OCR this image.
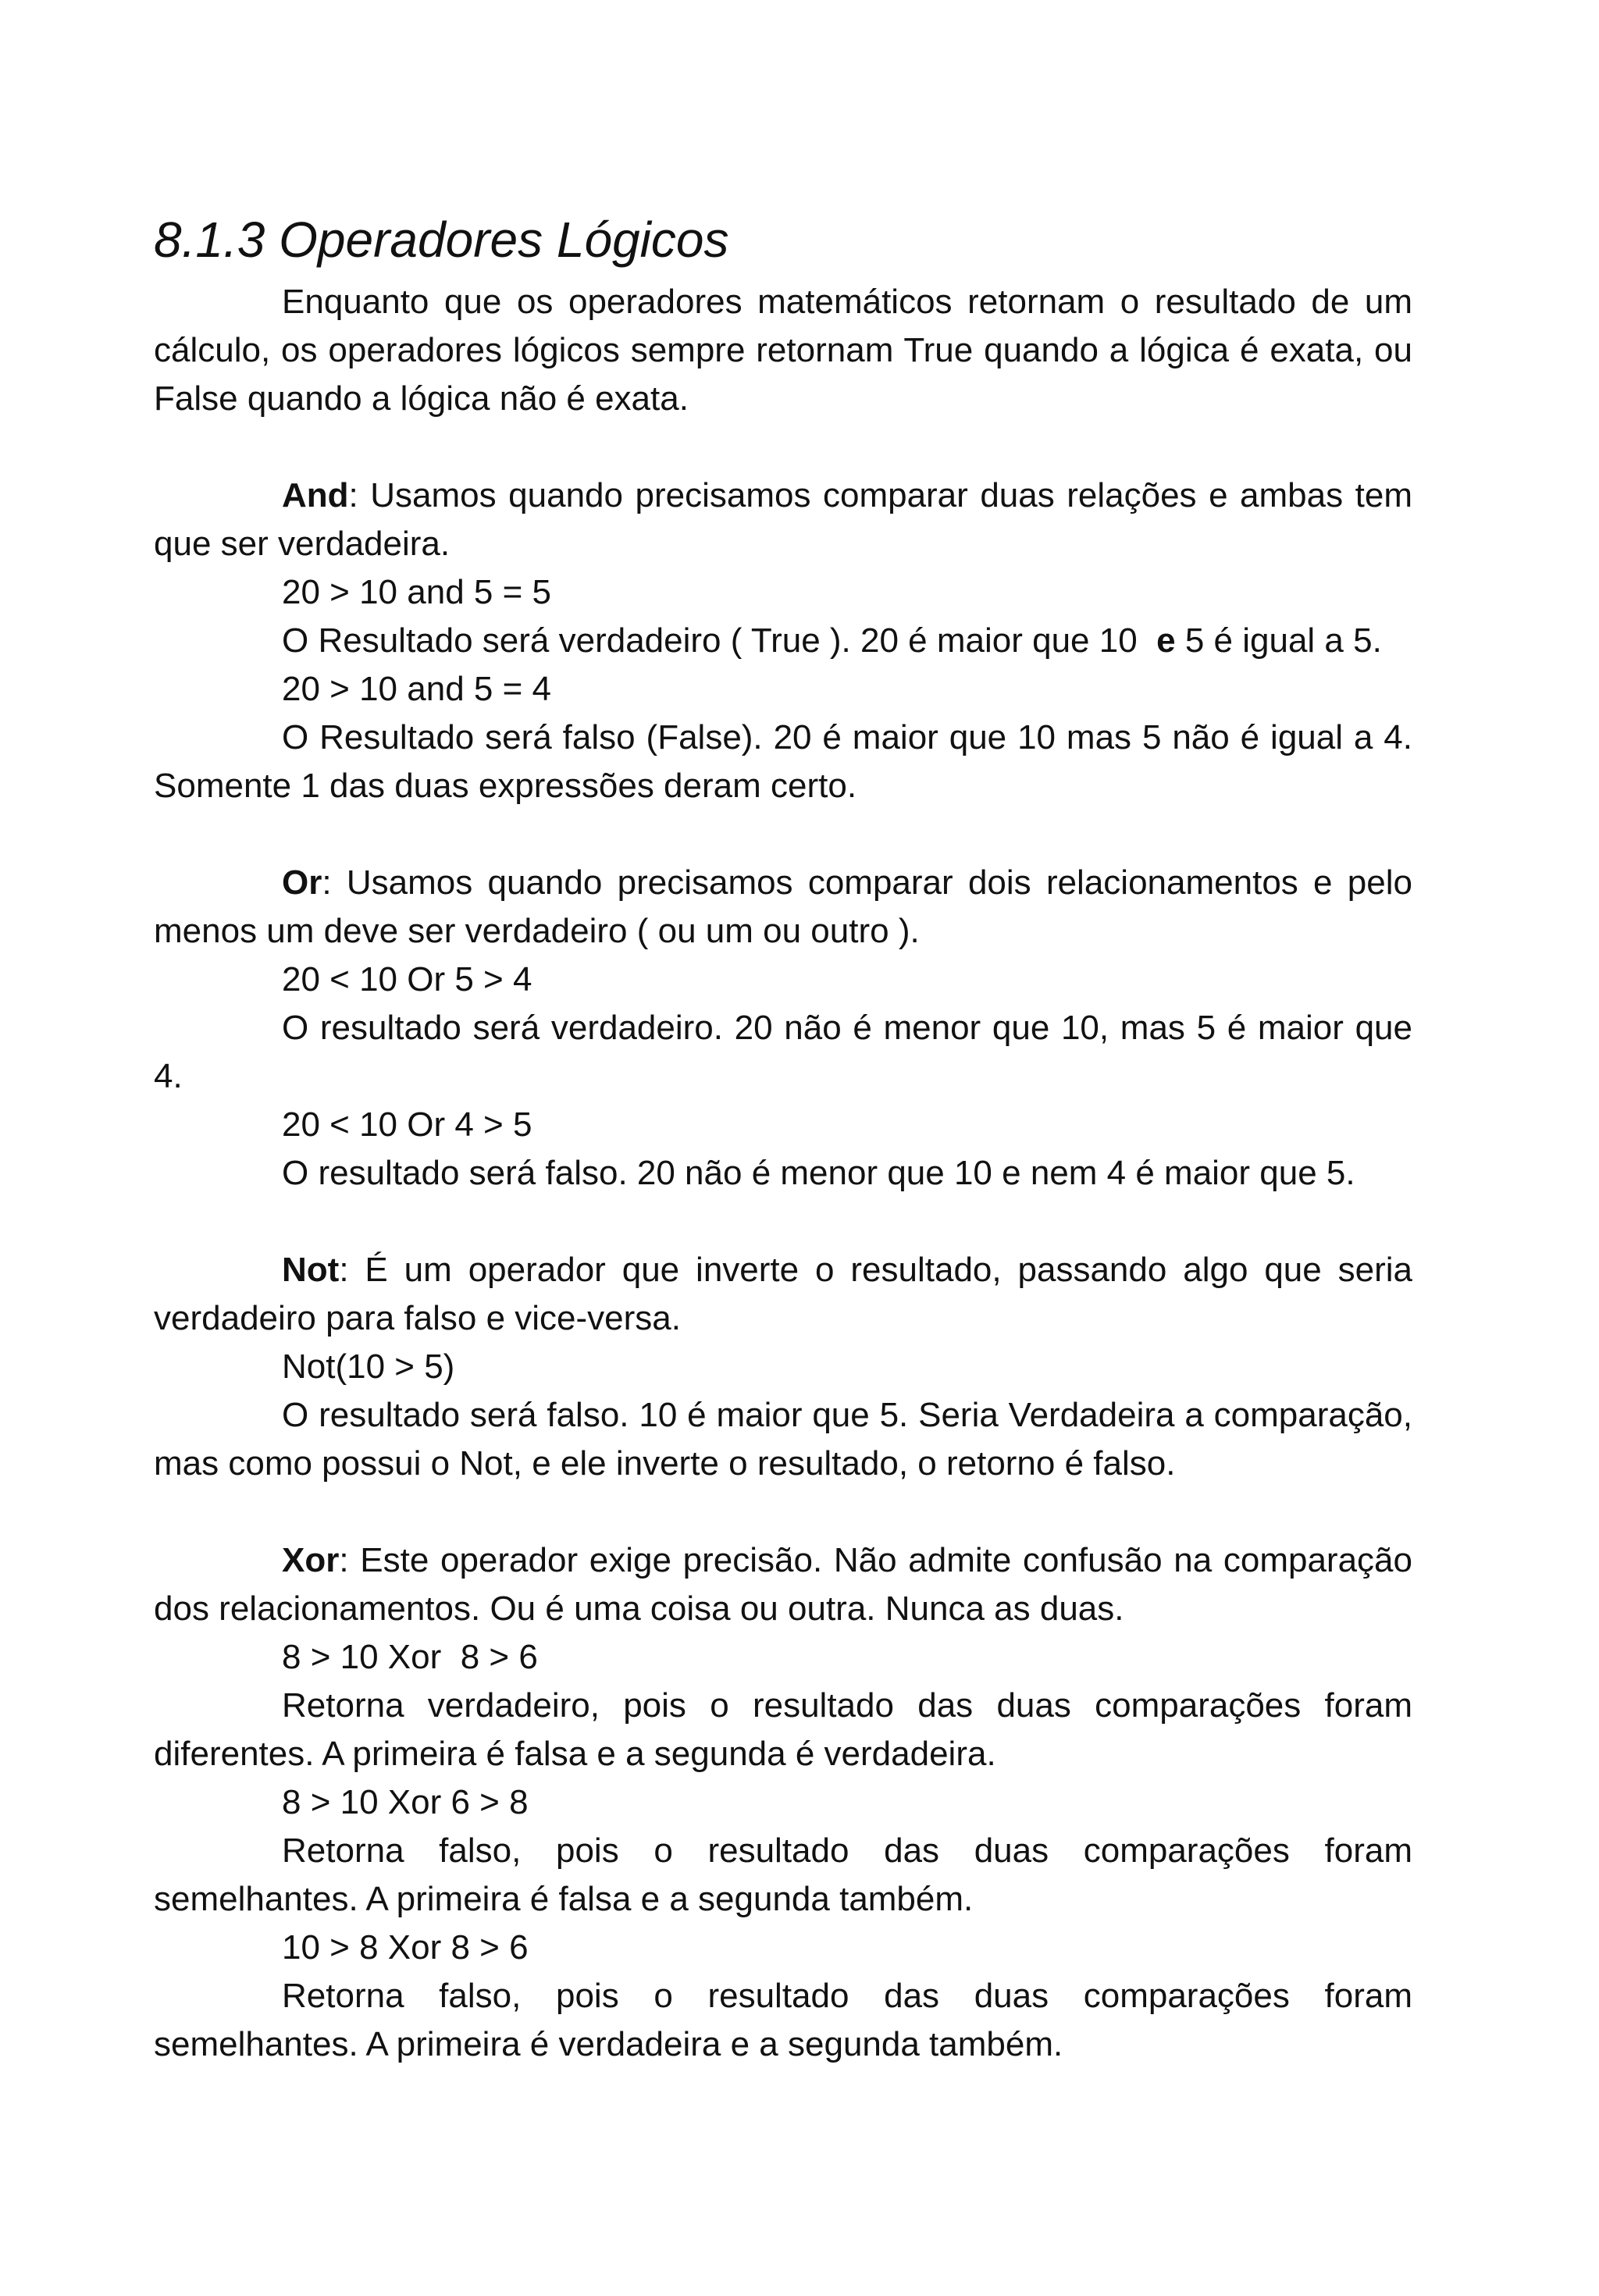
8.1.3 Operadores Lógicos

Enquanto que os operadores matemáticos retornam o resultado de um cálculo, os operadores lógicos sempre retornam True quando a lógica é exata, ou False quando a lógica não é exata.

And: Usamos quando precisamos comparar duas relações e ambas tem que ser verdadeira.

20 > 10 and 5 = 5

O Resultado será verdadeiro ( True ). 20 é maior que 10  e 5 é igual a 5.

20 > 10 and 5 = 4

O Resultado será falso (False). 20 é maior que 10 mas 5 não é igual a 4. Somente 1 das duas expressões deram certo.

Or: Usamos quando precisamos comparar dois relacionamentos e pelo menos um deve ser verdadeiro ( ou um ou outro ).

20 < 10 Or 5 > 4

O resultado será verdadeiro. 20 não é menor que 10, mas 5 é maior que 4.

20 < 10 Or 4 > 5

O resultado será falso. 20 não é menor que 10 e nem 4 é maior que 5.

Not: É um operador que inverte o resultado, passando algo que seria verdadeiro para falso e vice-versa.

Not(10 > 5)

O resultado será falso. 10 é maior que 5. Seria Verdadeira a comparação, mas como possui o Not, e ele inverte o resultado, o retorno é falso.

Xor: Este operador exige precisão. Não admite confusão na comparação dos relacionamentos. Ou é uma coisa ou outra. Nunca as duas.

8 > 10 Xor  8 > 6

Retorna verdadeiro, pois o resultado das duas comparações foram diferentes. A primeira é falsa e a segunda é verdadeira.

8 > 10 Xor 6 > 8

Retorna falso, pois o resultado das duas comparações foram semelhantes. A primeira é falsa e a segunda também.

10 > 8 Xor 8 > 6

Retorna falso, pois o resultado das duas comparações foram semelhantes. A primeira é verdadeira e a segunda também.
